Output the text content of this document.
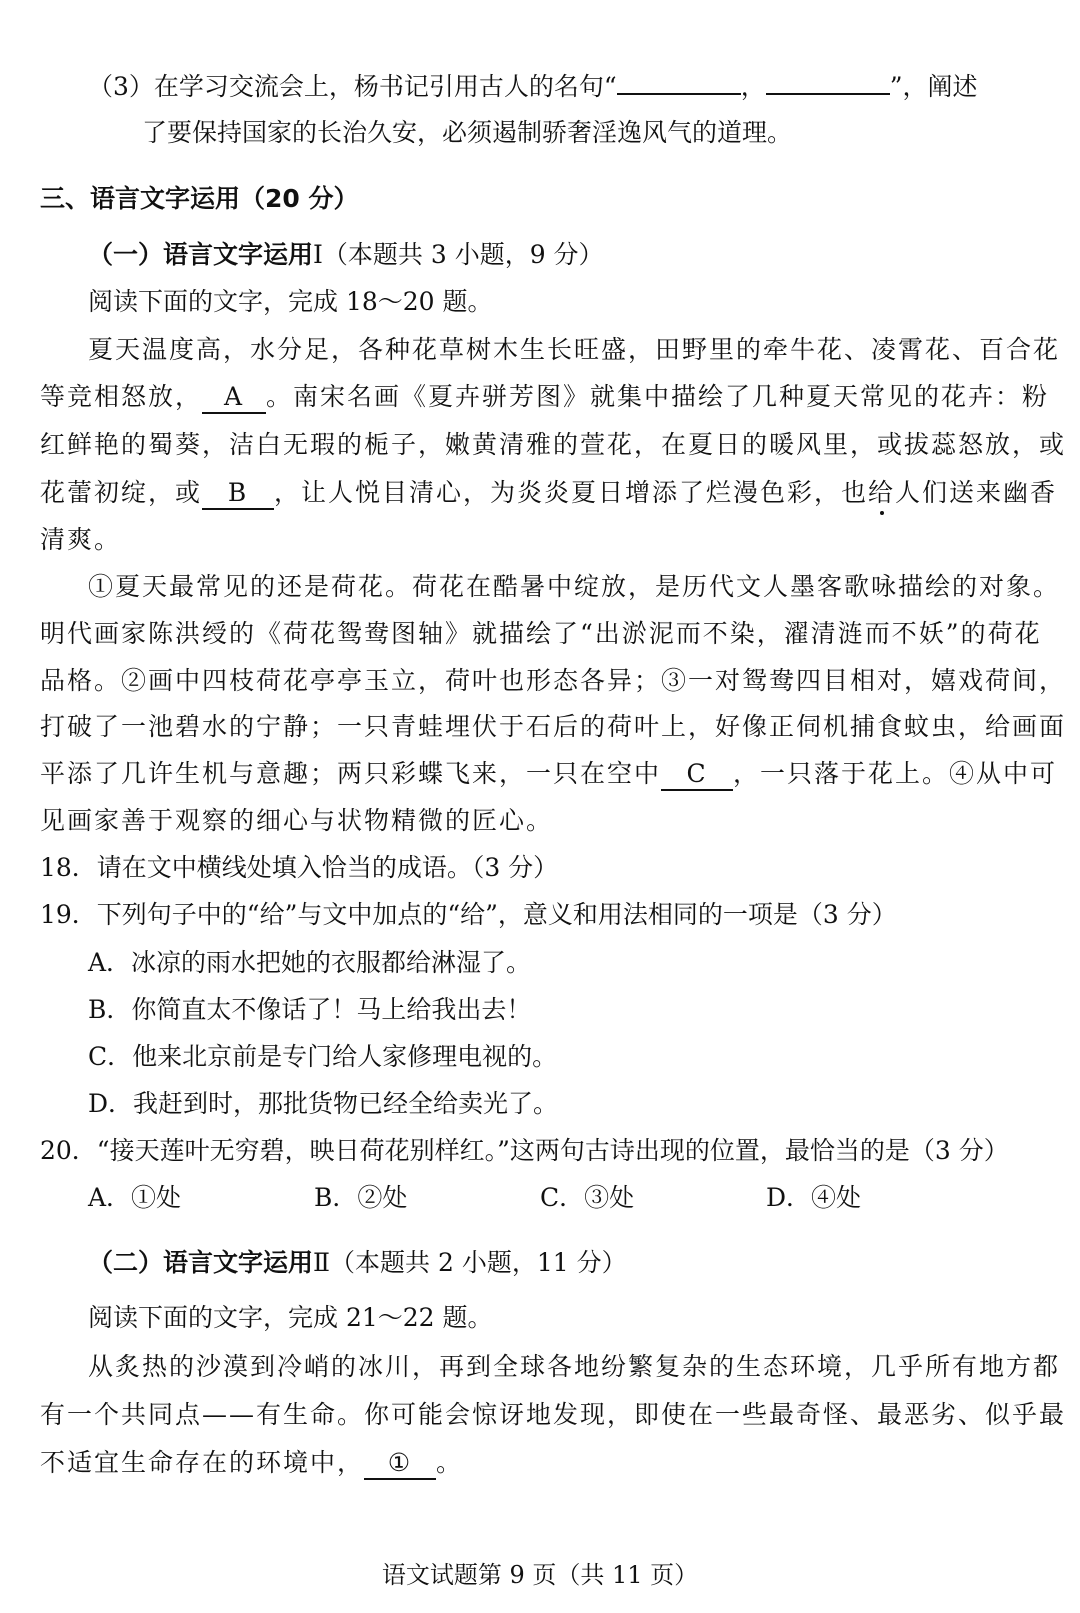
（3）在学习交流会上，杨书记引用古人的名句“	，	”，阐述
了要保持国家的长治久安，必须遏制骄奢淫逸风气的道理。
三、语言文字运用（20 分）
（一）语言文字运用Ⅰ（本题共 3 小题，9 分）
阅读下面的文字，完成 18～20 题。
夏天温度高，水分足，各种花草树木生长旺盛，田野里的牵牛花、凌霄花、百合花
等竞相怒放， A 。南宋名画《夏卉骈芳图》就集中描绘了几种夏天常见的花卉：粉
红鲜艳的蜀葵，洁白无瑕的栀子，嫩黄清雅的萱花，在夏日的暖风里，或拔蕊怒放，或
花蕾初绽，或 B ，让人悦目清心，为炎炎夏日增添了烂漫色彩，也给人们送来幽香
清爽。
①夏天最常见的还是荷花。荷花在酷暑中绽放，是历代文人墨客歌咏描绘的对象。
明代画家陈洪绶的《荷花鸳鸯图轴》就描绘了“出淤泥而不染，濯清涟而不妖”的荷花
品格。②画中四枝荷花亭亭玉立，荷叶也形态各异；③一对鸳鸯四目相对，嬉戏荷间，
打破了一池碧水的宁静；一只青蛙埋伏于石后的荷叶上，好像正伺机捕食蚊虫，给画面
平添了几许生机与意趣；两只彩蝶飞来，一只在空中 C ，一只落于花上。④从中可
见画家善于观察的细心与状物精微的匠心。
18．请在文中横线处填入恰当的成语。（3 分）
19．下列句子中的“给”与文中加点的“给”，意义和用法相同的一项是（3 分）
A．冰凉的雨水把她的衣服都给淋湿了。
B．你简直太不像话了！马上给我出去！
C．他来北京前是专门给人家修理电视的。
D．我赶到时，那批货物已经全给卖光了。
20．“接天莲叶无穷碧，映日荷花别样红。”这两句古诗出现的位置，最恰当的是（3 分）
A．①处	B．②处	C．③处	D．④处
（二）语言文字运用Ⅱ（本题共 2 小题，11 分）
阅读下面的文字，完成 21～22 题。
从炙热的沙漠到冷峭的冰川，再到全球各地纷繁复杂的生态环境，几乎所有地方都
有一个共同点——有生命。你可能会惊讶地发现，即使在一些最奇怪、最恶劣、似乎最
不适宜生命存在的环境中， ① 。
语文试题第 9 页（共 11 页）
